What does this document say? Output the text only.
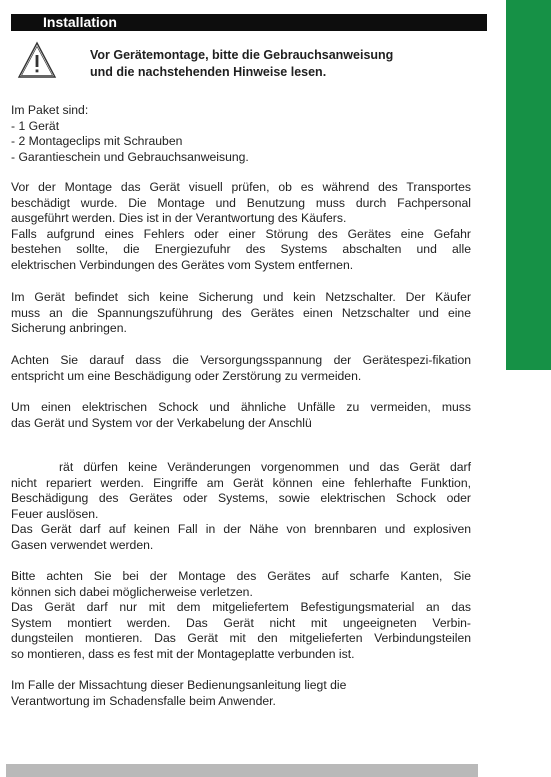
Installation
Vor Gerätemontage, bitte die Gebrauchsanweisung
und die nachstehenden Hinweise lesen.
Im Paket sind:
- 1 Gerät
- 2 Montageclips mit Schrauben
- Garantieschein und Gebrauchsanweisung.
Vor der Montage das Gerät visuell prüfen, ob es während des Transportes
beschädigt wurde. Die Montage und Benutzung muss durch Fachpersonal
ausgeführt werden. Dies ist in der Verantwortung des Käufers.
Falls aufgrund eines Fehlers oder einer Störung des Gerätes eine Gefahr
bestehen sollte, die Energiezufuhr des Systems abschalten und alle
elektrischen Verbindungen des Gerätes vom System entfernen.
Im Gerät befindet sich keine Sicherung und kein Netzschalter. Der Käufer
muss an die Spannungszuführung des Gerätes einen Netzschalter und eine
Sicherung anbringen.
Achten Sie darauf dass die Versorgungsspannung der Gerätespezi-fikation
entspricht um eine Beschädigung oder Zerstörung zu vermeiden.
Um einen elektrischen Schock und ähnliche Unfälle zu vermeiden, muss
das Gerät und System vor der Verkabelung der Anschlü
rät dürfen keine Veränderungen vorgenommen und das Gerät darf
nicht repariert werden. Eingriffe am Gerät können eine fehlerhafte Funktion,
Beschädigung des Gerätes oder Systems, sowie elektrischen Schock oder
Feuer auslösen.
Das Gerät darf auf keinen Fall in der Nähe von brennbaren und explosiven
Gasen verwendet werden.
Bitte achten Sie bei der Montage des Gerätes auf scharfe Kanten, Sie
können sich dabei möglicherweise verletzen.
Das Gerät darf nur mit dem mitgeliefertem Befestigungsmaterial an das
System montiert werden. Das Gerät nicht mit ungeeigneten Verbin-
dungsteilen montieren. Das Gerät mit den mitgelieferten Verbindungsteilen
so montieren, dass es fest mit der Montageplatte verbunden ist.
Im Falle der Missachtung dieser Bedienungsanleitung liegt die
Verantwortung im Schadensfalle beim Anwender.
